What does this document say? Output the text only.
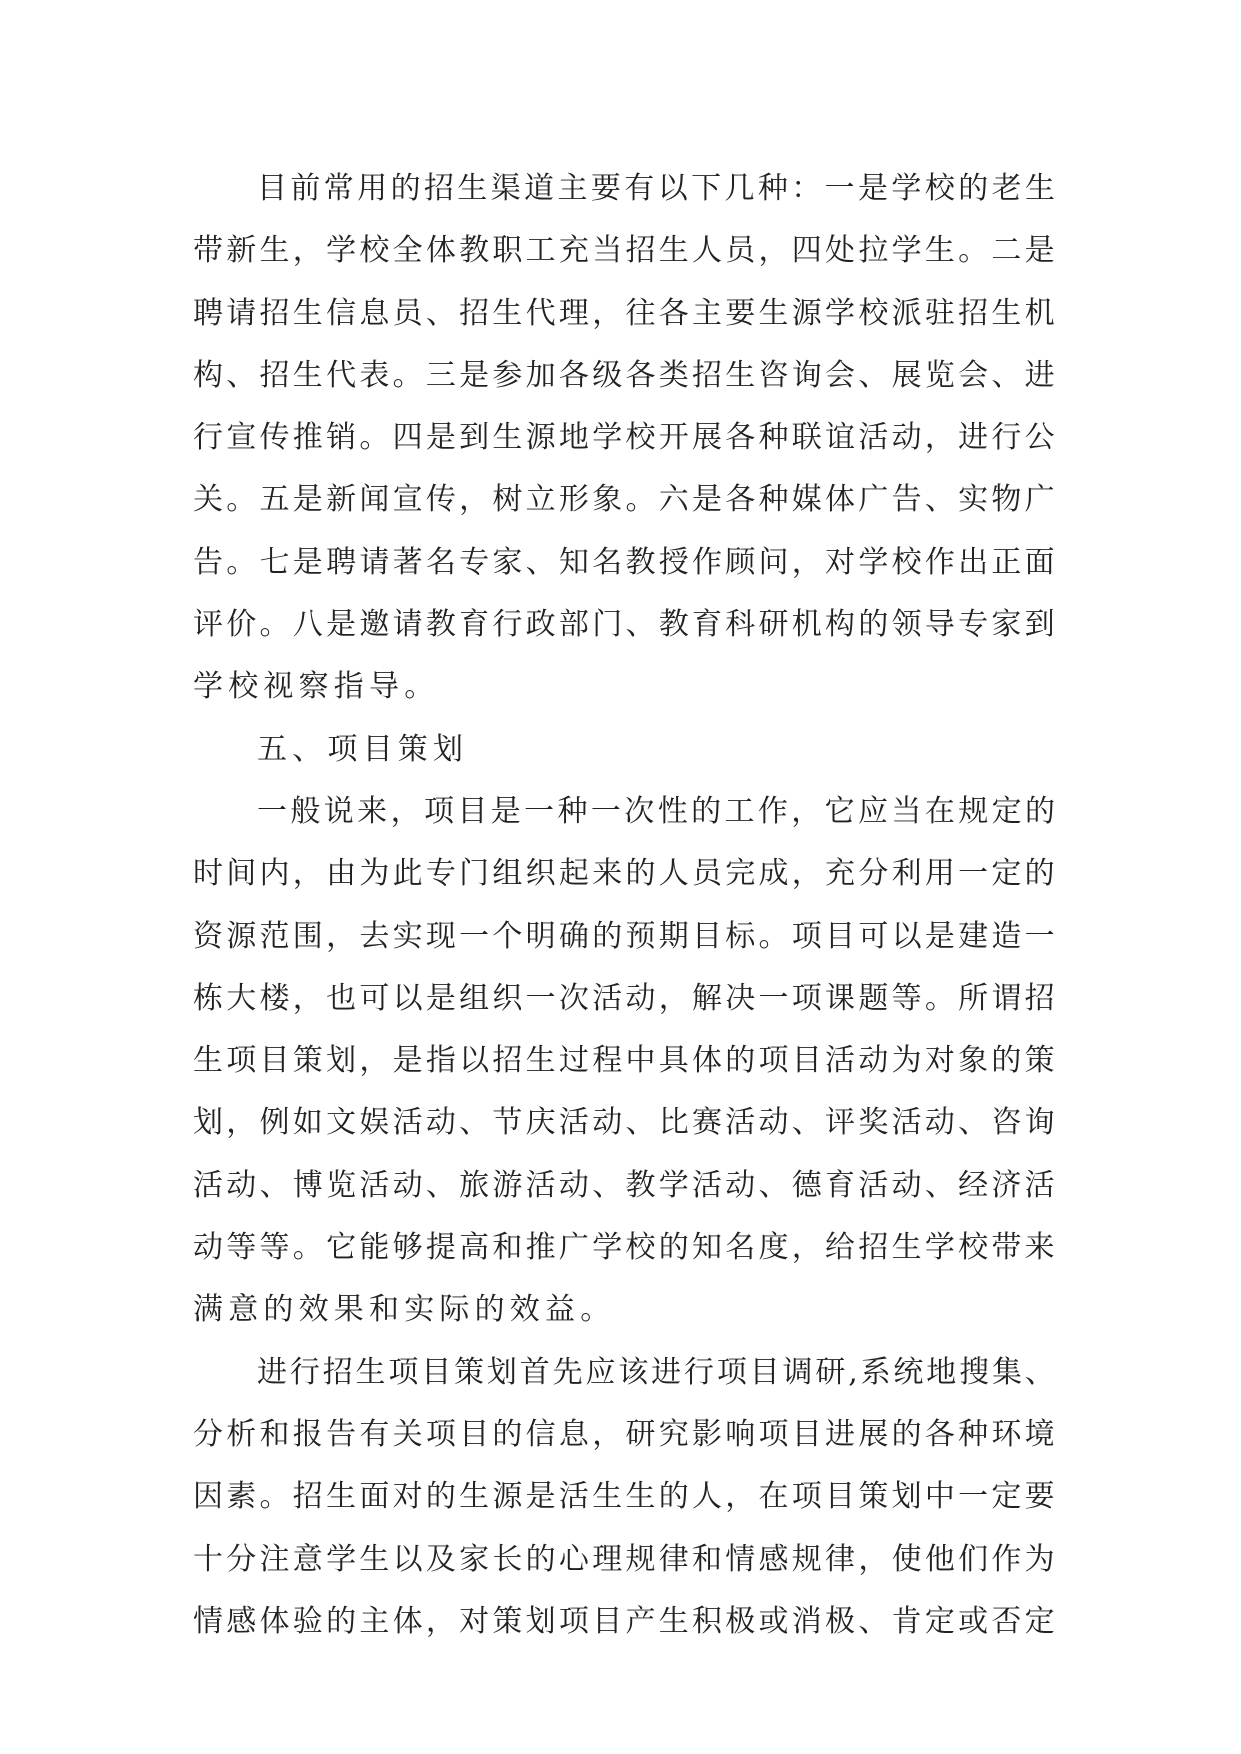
目 前 常 用 的 招 生 渠 道 主 要 有 以 下 几 种 ： 一 是 学 校 的 老 生
带 新 生 ， 学 校 全 体 教 职 工 充 当 招 生 人 员 ， 四 处 拉 学 生 。 二 是
聘 请 招 生 信 息 员 、 招 生 代 理 ， 往 各 主 要 生 源 学 校 派 驻 招 生 机
构 、 招 生 代 表 。 三 是 参 加 各 级 各 类 招 生 咨 询 会 、 展 览 会 、 进
行 宣 传 推 销 。 四 是 到 生 源 地 学 校 开 展 各 种 联 谊 活 动 ， 进 行 公
关 。 五 是 新 闻 宣 传 ， 树 立 形 象 。 六 是 各 种 媒 体 广 告 、 实 物 广
告 。 七 是 聘 请 著 名 专 家 、 知 名 教 授 作 顾 问 ， 对 学 校 作 出 正 面
评 价 。 八 是 邀 请 教 育 行 政 部 门 、 教 育 科 研 机 构 的 领 导 专 家 到
学校视察指导。
五、项目策划
一 般 说 来 ， 项 目 是 一 种 一 次 性 的 工 作 ， 它 应 当 在 规 定 的
时 间 内 ， 由 为 此 专 门 组 织 起 来 的 人 员 完 成 ， 充 分 利 用 一 定 的
资 源 范 围 ， 去 实 现 一 个 明 确 的 预 期 目 标 。 项 目 可 以 是 建 造 一
栋 大 楼 ， 也 可 以 是 组 织 一 次 活 动 ， 解 决 一 项 课 题 等 。 所 谓 招
生 项 目 策 划 ， 是 指 以 招 生 过 程 中 具 体 的 项 目 活 动 为 对 象 的 策
划 ， 例 如 文 娱 活 动 、 节 庆 活 动 、 比 赛 活 动 、 评 奖 活 动 、 咨 询
活 动 、 博 览 活 动 、 旅 游 活 动 、 教 学 活 动 、 德 育 活 动 、 经 济 活
动 等 等 。 它 能 够 提 高 和 推 广 学 校 的 知 名 度 ， 给 招 生 学 校 带 来
满意的效果和实际的效益。
进 行 招 生 项 目 策 划 首 先 应 该 进 行 项 目 调 研 , 系 统 地 搜 集 、
分 析 和 报 告 有 关 项 目 的 信 息 ， 研 究 影 响 项 目 进 展 的 各 种 环 境
因 素 。 招 生 面 对 的 生 源 是 活 生 生 的 人 ， 在 项 目 策 划 中 一 定 要
十 分 注 意 学 生 以 及 家 长 的 心 理 规 律 和 情 感 规 律 ， 使 他 们 作 为
情 感 体 验 的 主 体 ， 对 策 划 项 目 产 生 积 极 或 消 极 、 肯 定 或 否 定
